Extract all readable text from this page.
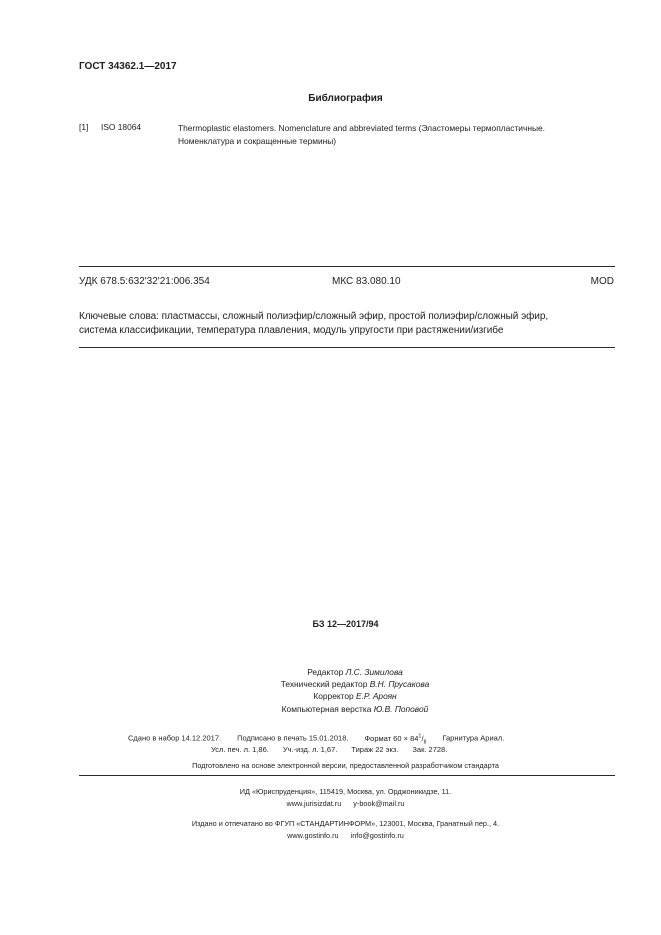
ГОСТ 34362.1—2017
Библиография
[1] ISO 18064	Thermoplastic elastomers. Nomenclature and abbreviated terms (Эластомеры термопластичные.
Номенклатура и сокращенные термины)
УДК 678.5:632'32'21:006.354	МКС 83.080.10	MOD
Ключевые слова: пластмассы, сложный полиэфир/сложный эфир, простой полиэфир/сложный эфир,
система классификации, температура плавления, модуль упругости при растяжении/изгибе
БЗ 12—2017/94
Редактор Л.С. Зимилова
Технический редактор В.Н. Прусакова
Корректор Е.Р. Ароян
Компьютерная верстка Ю.В. Поповой
Сдано в набор 14.12.2017. Подписано в печать 15.01.2018. Формат $60 \times 84^1/_8$ Гарнитура Ариал.
Усл. печ. л. 1,86. Уч.-изд. л. 1,67. Тираж 22 экз. Зак. 2728.
Подготовлено на основе электронной версии, предоставленной разработчиком стандарта
ИД «Юриспруденция», 115419, Москва, ул. Орджоникидзе, 11.
www.jurisizdat.ru y-book@mail.ru
Издано и отпечатано во ФГУП «СТАНДАРТИНФОРМ», 123001, Москва, Гранатный пер., 4.
www.gostinfo.ru info@gostinfo.ru
